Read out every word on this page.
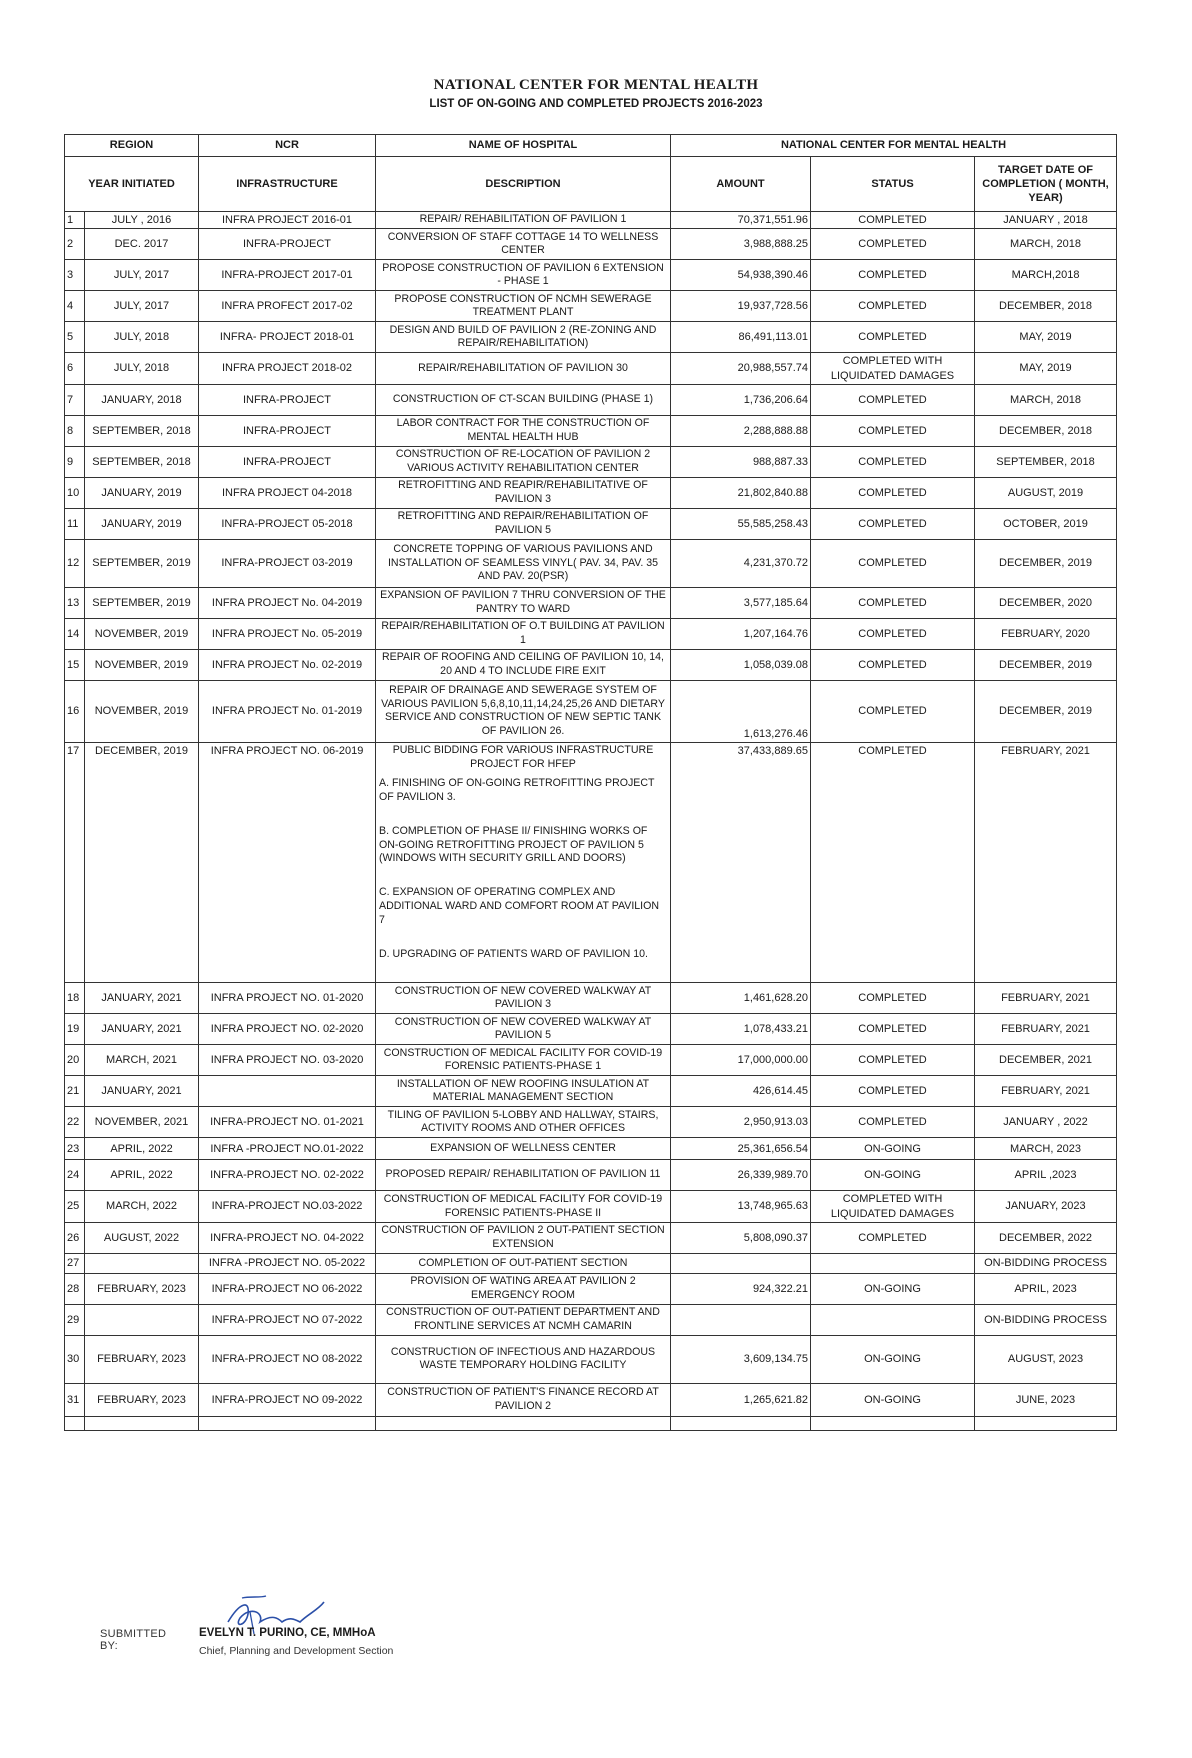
NATIONAL CENTER FOR MENTAL HEALTH
LIST OF ON-GOING AND COMPLETED PROJECTS 2016-2023
REGION		NCR	NAME OF HOSPITAL	NATIONAL CENTER FOR MENTAL HEALTH		
YEAR INITIATED		INFRASTRUCTURE	DESCRIPTION	AMOUNT	STATUS	TARGET DATE OF COMPLETION ( MONTH, YEAR)
1	JULY , 2016	INFRA PROJECT 2016-01	REPAIR/ REHABILITATION OF PAVILION 1	70,371,551.96	COMPLETED	JANUARY , 2018
2	DEC. 2017	INFRA-PROJECT	CONVERSION OF STAFF COTTAGE 14 TO WELLNESS CENTER	3,988,888.25	COMPLETED	MARCH, 2018
3	JULY, 2017	INFRA-PROJECT 2017-01	PROPOSE CONSTRUCTION OF PAVILION 6 EXTENSION - PHASE 1	54,938,390.46	COMPLETED	MARCH,2018
4	JULY, 2017	INFRA PROFECT 2017-02	PROPOSE CONSTRUCTION OF NCMH SEWERAGE TREATMENT PLANT	19,937,728.56	COMPLETED	DECEMBER, 2018
5	JULY, 2018	INFRA- PROJECT 2018-01	DESIGN AND BUILD OF PAVILION 2 (RE-ZONING AND REPAIR/REHABILITATION)	86,491,113.01	COMPLETED	MAY, 2019
6	JULY, 2018	INFRA PROJECT 2018-02	REPAIR/REHABILITATION OF PAVILION 30	20,988,557.74	COMPLETED WITH LIQUIDATED DAMAGES	MAY, 2019
7	JANUARY, 2018	INFRA-PROJECT	CONSTRUCTION OF CT-SCAN BUILDING (PHASE 1)	1,736,206.64	COMPLETED	MARCH, 2018
8	SEPTEMBER, 2018	INFRA-PROJECT	LABOR CONTRACT FOR THE CONSTRUCTION OF MENTAL HEALTH HUB	2,288,888.88	COMPLETED	DECEMBER, 2018
9	SEPTEMBER, 2018	INFRA-PROJECT	CONSTRUCTION OF RE-LOCATION OF PAVILION 2 VARIOUS ACTIVITY REHABILITATION CENTER	988,887.33	COMPLETED	SEPTEMBER, 2018
10	JANUARY, 2019	INFRA PROJECT 04-2018	RETROFITTING AND REAPIR/REHABILITATIVE OF PAVILION 3	21,802,840.88	COMPLETED	AUGUST, 2019
11	JANUARY, 2019	INFRA-PROJECT 05-2018	RETROFITTING AND REPAIR/REHABILITATION OF PAVILION 5	55,585,258.43	COMPLETED	OCTOBER, 2019
12	SEPTEMBER, 2019	INFRA-PROJECT 03-2019	CONCRETE TOPPING OF VARIOUS PAVILIONS AND INSTALLATION OF SEAMLESS VINYL( PAV. 34, PAV. 35 AND PAV. 20(PSR)	4,231,370.72	COMPLETED	DECEMBER, 2019
13	SEPTEMBER, 2019	INFRA PROJECT No. 04-2019	EXPANSION OF PAVILION 7 THRU CONVERSION OF THE PANTRY TO WARD	3,577,185.64	COMPLETED	DECEMBER, 2020
14	NOVEMBER, 2019	INFRA PROJECT No. 05-2019	REPAIR/REHABILITATION OF O.T BUILDING AT PAVILION 1	1,207,164.76	COMPLETED	FEBRUARY, 2020
15	NOVEMBER, 2019	INFRA PROJECT No. 02-2019	REPAIR OF ROOFING AND CEILING OF PAVILION 10, 14, 20 AND 4 TO INCLUDE FIRE EXIT	1,058,039.08	COMPLETED	DECEMBER, 2019
16	NOVEMBER, 2019	INFRA PROJECT No. 01-2019	REPAIR OF DRAINAGE AND SEWERAGE SYSTEM OF VARIOUS PAVILION 5,6,8,10,11,14,24,25,26 AND DIETARY SERVICE AND CONSTRUCTION OF NEW SEPTIC TANK OF PAVILION 26.	1,613,276.46	COMPLETED	DECEMBER, 2019
17	DECEMBER, 2019	INFRA PROJECT NO. 06-2019	PUBLIC BIDDING FOR VARIOUS INFRASTRUCTURE PROJECT FOR HFEP
A. FINISHING OF ON-GOING RETROFITTING PROJECT OF PAVILION 3.
B. COMPLETION OF PHASE II/ FINISHING WORKS OF ON-GOING RETROFITTING PROJECT OF PAVILION 5 (WINDOWS WITH SECURITY GRILL AND DOORS)
C. EXPANSION OF OPERATING COMPLEX AND ADDITIONAL WARD AND COMFORT ROOM AT PAVILION 7
D. UPGRADING OF PATIENTS WARD OF PAVILION 10.	37,433,889.65	COMPLETED	FEBRUARY, 2021
18	JANUARY, 2021	INFRA PROJECT NO. 01-2020	CONSTRUCTION OF NEW COVERED WALKWAY AT PAVILION 3	1,461,628.20	COMPLETED	FEBRUARY, 2021
19	JANUARY, 2021	INFRA PROJECT NO. 02-2020	CONSTRUCTION OF NEW COVERED WALKWAY AT PAVILION 5	1,078,433.21	COMPLETED	FEBRUARY, 2021
20	MARCH, 2021	INFRA PROJECT NO. 03-2020	CONSTRUCTION OF MEDICAL FACILITY FOR COVID-19 FORENSIC PATIENTS-PHASE 1	17,000,000.00	COMPLETED	DECEMBER, 2021
21	JANUARY, 2021		INSTALLATION OF NEW ROOFING INSULATION AT MATERIAL MANAGEMENT SECTION	426,614.45	COMPLETED	FEBRUARY, 2021
22	NOVEMBER, 2021	INFRA-PROJECT NO. 01-2021	TILING OF PAVILION 5-LOBBY AND HALLWAY, STAIRS, ACTIVITY ROOMS AND OTHER OFFICES	2,950,913.03	COMPLETED	JANUARY , 2022
23	APRIL, 2022	INFRA -PROJECT NO.01-2022	EXPANSION OF WELLNESS CENTER	25,361,656.54	ON-GOING	MARCH, 2023
24	APRIL, 2022	INFRA-PROJECT NO. 02-2022	PROPOSED REPAIR/ REHABILITATION OF PAVILION 11	26,339,989.70	ON-GOING	APRIL ,2023
25	MARCH, 2022	INFRA-PROJECT NO.03-2022	CONSTRUCTION OF MEDICAL FACILITY FOR COVID-19 FORENSIC PATIENTS-PHASE II	13,748,965.63	COMPLETED WITH LIQUIDATED DAMAGES	JANUARY, 2023
26	AUGUST, 2022	INFRA-PROJECT NO. 04-2022	CONSTRUCTION OF PAVILION 2 OUT-PATIENT SECTION EXTENSION	5,808,090.37	COMPLETED	DECEMBER, 2022
27		INFRA -PROJECT NO. 05-2022	COMPLETION OF OUT-PATIENT SECTION			ON-BIDDING PROCESS
28	FEBRUARY, 2023	INFRA-PROJECT NO 06-2022	PROVISION OF WATING AREA AT PAVILION 2 EMERGENCY ROOM	924,322.21	ON-GOING	APRIL, 2023
29		INFRA-PROJECT NO 07-2022	CONSTRUCTION OF OUT-PATIENT DEPARTMENT AND FRONTLINE SERVICES AT NCMH CAMARIN			ON-BIDDING PROCESS
30	FEBRUARY, 2023	INFRA-PROJECT NO 08-2022	CONSTRUCTION OF INFECTIOUS AND HAZARDOUS WASTE TEMPORARY HOLDING FACILITY	3,609,134.75	ON-GOING	AUGUST, 2023
31	FEBRUARY, 2023	INFRA-PROJECT NO 09-2022	CONSTRUCTION OF PATIENT'S FINANCE RECORD AT PAVILION 2	1,265,621.82	ON-GOING	JUNE, 2023

SUBMITTED BY:
EVELYN T. PURINO, CE, MMHoA
Chief, Planning and Development Section
